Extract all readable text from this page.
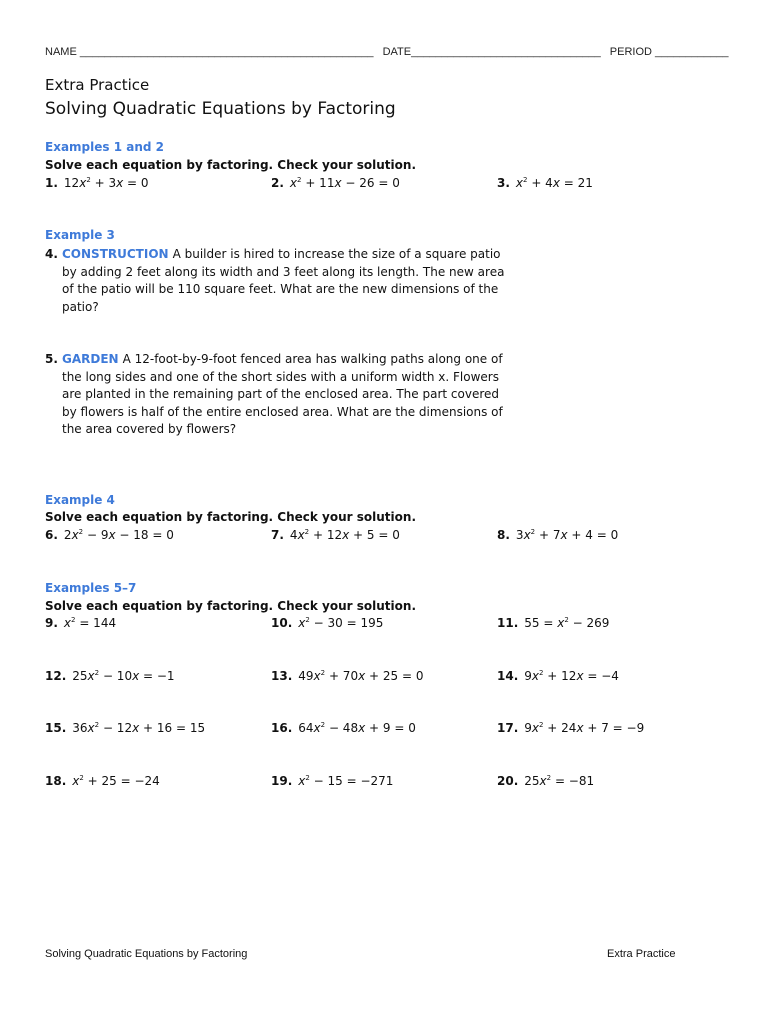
NAME ________________________________________________ DATE_______________________________ PERIOD ____________
Extra Practice
Solving Quadratic Equations by Factoring
Examples 1 and 2
Solve each equation by factoring. Check your solution.
1. $12x^2 + 3x = 0$	2. $x^2 + 11x - 26 = 0$	3. $x^2 + 4x = 21$
Example 3
4. CONSTRUCTION A builder is hired to increase the size of a square patio by adding 2 feet along its width and 3 feet along its length. The new area of the patio will be 110 square feet. What are the new dimensions of the patio?
5. GARDEN A 12-foot-by-9-foot fenced area has walking paths along one of the long sides and one of the short sides with a uniform width x. Flowers are planted in the remaining part of the enclosed area. The part covered by flowers is half of the entire enclosed area. What are the dimensions of the area covered by flowers?
Example 4
Solve each equation by factoring. Check your solution.
6. $2x^2 - 9x - 18 = 0$	7. $4x^2 + 12x + 5 = 0$	8. $3x^2 + 7x + 4 = 0$
Examples 5–7
Solve each equation by factoring. Check your solution.
9. $x^2 = 144$	10. $x^2 - 30 = 195$	11. $55 = x^2 - 269$
12. $25x^2 - 10x = -1$	13. $49x^2 + 70x + 25 = 0$	14. $9x^2 + 12x = -4$
15. $36x^2 - 12x + 16 = 15$	16. $64x^2 - 48x + 9 = 0$	17. $9x^2 + 24x + 7 = -9$
18. $x^2 + 25 = -24$	19. $x^2 - 15 = -271$	20. $25x^2 = -81$
Solving Quadratic Equations by Factoring	Extra Practice
